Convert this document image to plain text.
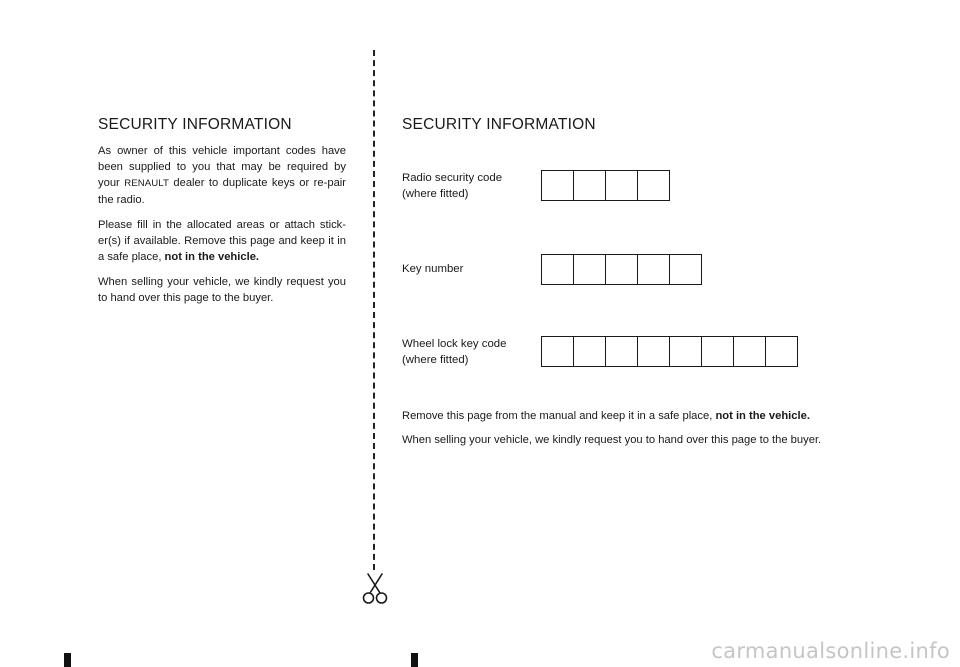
SECURITY INFORMATION

As owner of this vehicle important codes have been supplied to you that may be required by your RENAULT dealer to duplicate keys or re-pair the radio.

Please fill in the allocated areas or attach stick-er(s) if available. Remove this page and keep it in a safe place, not in the vehicle.

When selling your vehicle, we kindly request you to hand over this page to the buyer.

SECURITY INFORMATION
Radio security code
(where fitted)
Key number
Wheel lock key code
(where fitted)

Remove this page from the manual and keep it in a safe place, not in the vehicle.

When selling your vehicle, we kindly request you to hand over this page to the buyer.

carmanualsonline.info
